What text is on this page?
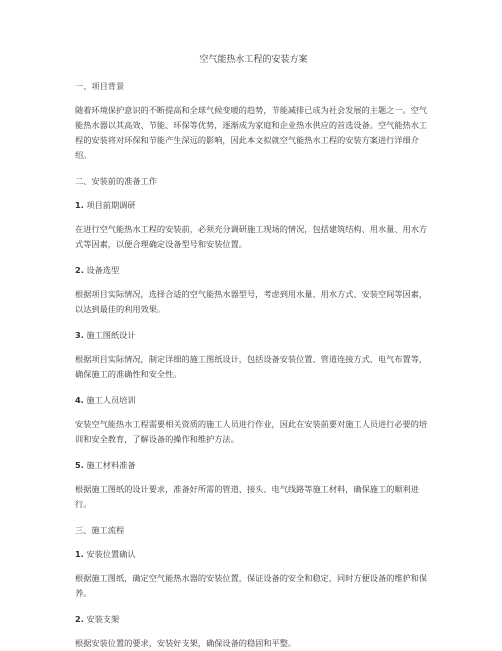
空气能热水工程的安装方案
一、项目背景
随着环境保护意识的不断提高和全球气候变暖的趋势，节能减排已成为社会发展的主题之一。空气能热水器以其高效、节能、环保等优势，逐渐成为家庭和企业热水供应的首选设备。空气能热水工程的安装将对环保和节能产生深远的影响，因此本文拟就空气能热水工程的安装方案进行详细介绍。
二、安装前的准备工作
1. 项目前期调研
在进行空气能热水工程的安装前，必须充分调研施工现场的情况，包括建筑结构、用水量、用水方式等因素，以便合理确定设备型号和安装位置。
2. 设备选型
根据项目实际情况，选择合适的空气能热水器型号，考虑到用水量、用水方式、安装空间等因素，以达到最佳的利用效果。
3. 施工图纸设计
根据项目实际情况，制定详细的施工图纸设计，包括设备安装位置、管道连接方式、电气布置等，确保施工的准确性和安全性。
4. 施工人员培训
安装空气能热水工程需要相关资质的施工人员进行作业，因此在安装前要对施工人员进行必要的培训和安全教育，了解设备的操作和维护方法。
5. 施工材料准备
根据施工图纸的设计要求，准备好所需的管道、接头、电气线路等施工材料，确保施工的顺利进行。
三、施工流程
1. 安装位置确认
根据施工图纸，确定空气能热水器的安装位置，保证设备的安全和稳定，同时方便设备的维护和保养。
2. 安装支架
根据安装位置的要求，安装好支架，确保设备的稳固和平整。
